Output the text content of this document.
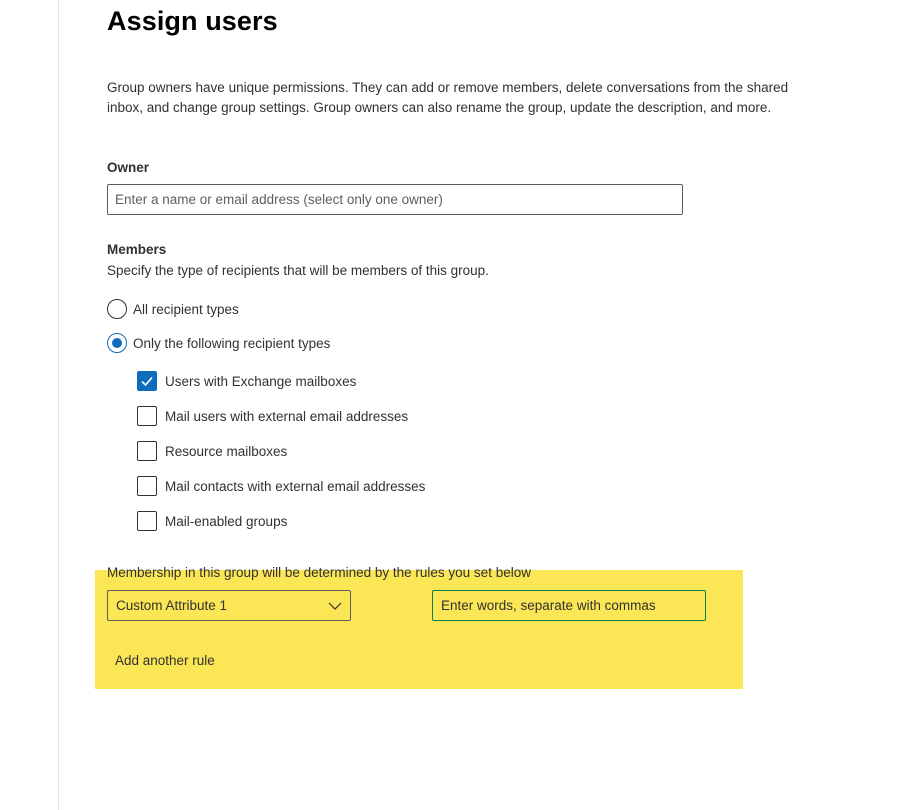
Assign users
Group owners have unique permissions. They can add or remove members, delete conversations from the shared inbox, and change group settings. Group owners can also rename the group, update the description, and more.
Owner
Enter a name or email address (select only one owner)
Members
Specify the type of recipients that will be members of this group.
All recipient types
Only the following recipient types
Users with Exchange mailboxes
Mail users with external email addresses
Resource mailboxes
Mail contacts with external email addresses
Mail-enabled groups
Membership in this group will be determined by the rules you set below
Custom Attribute 1
Enter words, separate with commas
Add another rule
